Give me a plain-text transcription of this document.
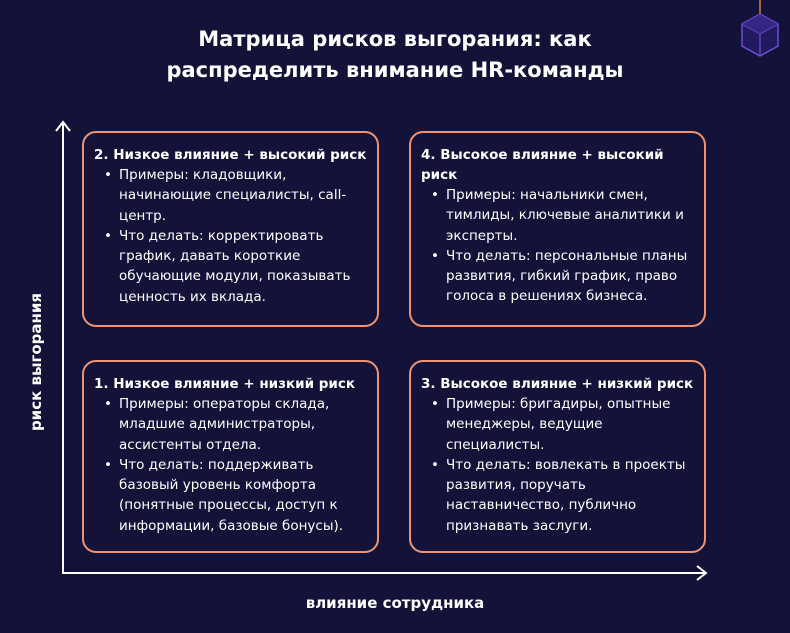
Матрица рисков выгорания: как
распределить внимание HR-команды
риск выгорания
влияние сотрудника
2. Низкое влияние + высокий риск
• Примеры: кладовщики, начинающие специалисты, call-центр.
• Что делать: корректировать график, давать короткие обучающие модули, показывать ценность их вклада.
4. Высокое влияние + высокий риск
• Примеры: начальники смен, тимлиды, ключевые аналитики и эксперты.
• Что делать: персональные планы развития, гибкий график, право голоса в решениях бизнеса.
1. Низкое влияние + низкий риск
• Примеры: операторы склада, младшие администраторы, ассистенты отдела.
• Что делать: поддерживать базовый уровень комфорта (понятные процессы, доступ к информации, базовые бонусы).
3. Высокое влияние + низкий риск
• Примеры: бригадиры, опытные менеджеры, ведущие специалисты.
• Что делать: вовлекать в проекты развития, поручать наставничество, публично признавать заслуги.
